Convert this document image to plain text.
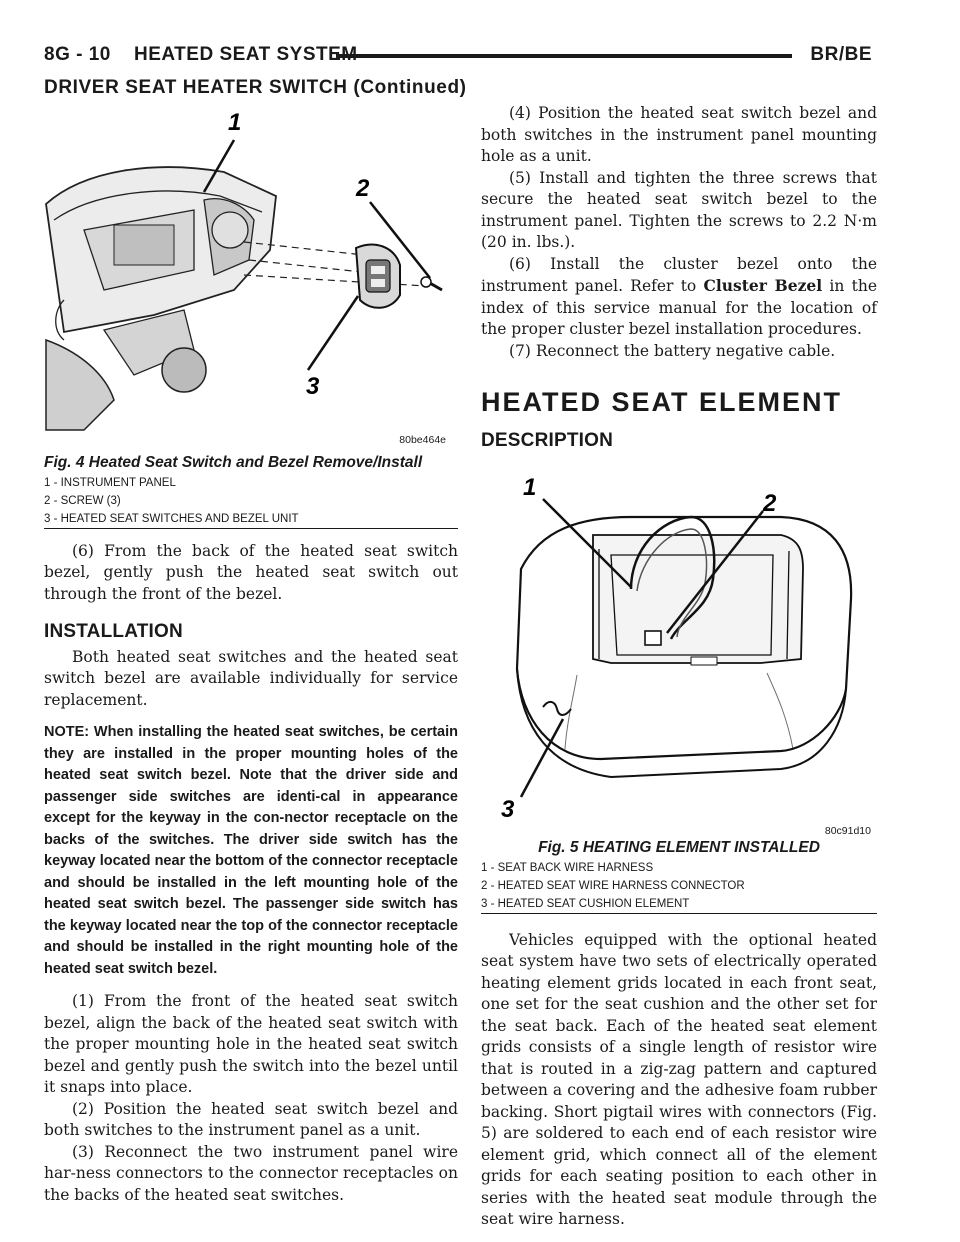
8G - 10    HEATED SEAT SYSTEM	BR/BE
DRIVER SEAT HEATER SWITCH (Continued)
1
2
3
80be464e

Fig. 4 Heated Seat Switch and Bezel Remove/Install

1 - INSTRUMENT PANEL
2 - SCREW (3)
3 - HEATED SEAT SWITCHES AND BEZEL UNIT

(6) From the back of the heated seat switch bezel, gently push the heated seat switch out through the front of the bezel.

INSTALLATION

Both heated seat switches and the heated seat switch bezel are available individually for service replacement.

NOTE: When installing the heated seat switches, be certain they are installed in the proper mounting holes of the heated seat switch bezel. Note that the driver side and passenger side switches are identi-cal in appearance except for the keyway in the con-nector receptacle on the backs of the switches. The driver side switch has the keyway located near the bottom of the connector receptacle and should be installed in the left mounting hole of the heated seat switch bezel. The passenger side switch has the keyway located near the top of the connector receptacle and should be installed in the right mounting hole of the heated seat switch bezel.

(1) From the front of the heated seat switch bezel, align the back of the heated seat switch with the proper mounting hole in the heated seat switch bezel and gently push the switch into the bezel until it snaps into place.

(2) Position the heated seat switch bezel and both switches to the instrument panel as a unit.

(3) Reconnect the two instrument panel wire har-ness connectors to the connector receptacles on the backs of the heated seat switches.

(4) Position the heated seat switch bezel and both switches in the instrument panel mounting hole as a unit.

(5) Install and tighten the three screws that secure the heated seat switch bezel to the instrument panel. Tighten the screws to 2.2 N·m (20 in. lbs.).

(6) Install the cluster bezel onto the instrument panel. Refer to Cluster Bezel in the index of this service manual for the location of the proper cluster bezel installation procedures.

(7) Reconnect the battery negative cable.

HEATED SEAT ELEMENT

DESCRIPTION

1
2
3
80c91d10

Fig. 5 HEATING ELEMENT INSTALLED

1 - SEAT BACK WIRE HARNESS
2 - HEATED SEAT WIRE HARNESS CONNECTOR
3 - HEATED SEAT CUSHION ELEMENT

Vehicles equipped with the optional heated seat system have two sets of electrically operated heating element grids located in each front seat, one set for the seat cushion and the other set for the seat back. Each of the heated seat element grids consists of a single length of resistor wire that is routed in a zig-zag pattern and captured between a covering and the adhesive foam rubber backing. Short pigtail wires with connectors (Fig. 5) are soldered to each end of each resistor wire element grid, which connect all of the element grids for each seating position to each other in series with the heated seat module through the seat wire harness.
